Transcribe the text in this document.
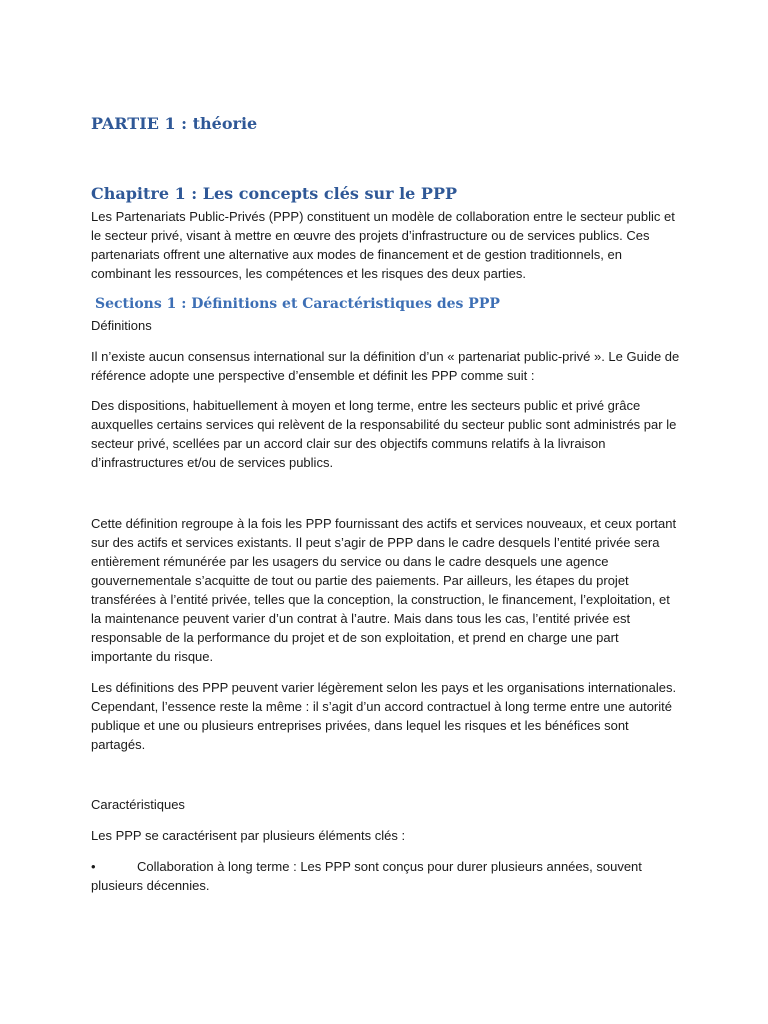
PARTIE 1 : théorie
Chapitre 1 : Les concepts clés sur le PPP

Les Partenariats Public-Privés (PPP) constituent un modèle de collaboration entre le secteur public et le secteur privé, visant à mettre en œuvre des projets d’infrastructure ou de services publics. Ces partenariats offrent une alternative aux modes de financement et de gestion traditionnels, en combinant les ressources, les compétences et les risques des deux parties.

Sections 1 : Définitions et Caractéristiques des PPP

Définitions

Il n’existe aucun consensus international sur la définition d’un « partenariat public-privé ». Le Guide de référence adopte une perspective d’ensemble et définit les PPP comme suit :

Des dispositions, habituellement à moyen et long terme, entre les secteurs public et privé grâce auxquelles certains services qui relèvent de la responsabilité du secteur public sont administrés par le secteur privé, scellées par un accord clair sur des objectifs communs relatifs à la livraison d’infrastructures et/ou de services publics.

Cette définition regroupe à la fois les PPP fournissant des actifs et services nouveaux, et ceux portant sur des actifs et services existants. Il peut s’agir de PPP dans le cadre desquels l’entité privée sera entièrement rémunérée par les usagers du service ou dans le cadre desquels une agence gouvernementale s’acquitte de tout ou partie des paiements. Par ailleurs, les étapes du projet transférées à l’entité privée, telles que la conception, la construction, le financement, l’exploitation, et la maintenance peuvent varier d’un contrat à l’autre. Mais dans tous les cas, l’entité privée est responsable de la performance du projet et de son exploitation, et prend en charge une part importante du risque.

Les définitions des PPP peuvent varier légèrement selon les pays et les organisations internationales. Cependant, l’essence reste la même : il s’agit d’un accord contractuel à long terme entre une autorité publique et une ou plusieurs entreprises privées, dans lequel les risques et les bénéfices sont partagés.

Caractéristiques

Les PPP se caractérisent par plusieurs éléments clés :

•	Collaboration à long terme : Les PPP sont conçus pour durer plusieurs années, souvent plusieurs décennies.
